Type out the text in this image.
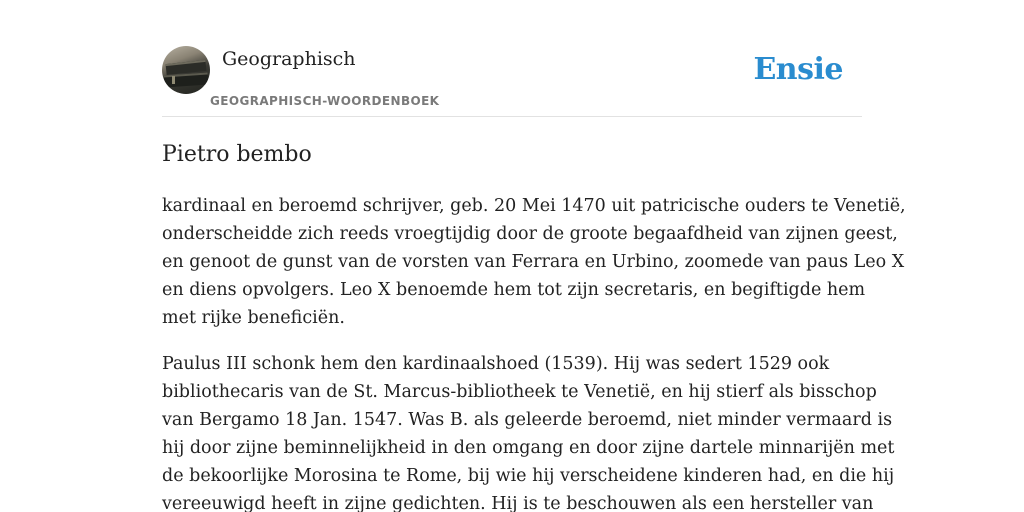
Geographisch
GEOGRAPHISCH-WOORDENBOEK
Ensie
Pietro bembo

kardinaal en beroemd schrijver, geb. 20 Mei 1470 uit patricische ouders te Venetië,
onderscheidde zich reeds vroegtijdig door de groote begaafdheid van zijnen geest,
en genoot de gunst van de vorsten van Ferrara en Urbino, zoomede van paus Leo X
en diens opvolgers. Leo X benoemde hem tot zijn secretaris, en begiftigde hem
met rijke beneficiën.

Paulus III schonk hem den kardinaalshoed (1539). Hij was sedert 1529 ook
bibliothecaris van de St. Marcus-bibliotheek te Venetië, en hij stierf als bisschop
van Bergamo 18 Jan. 1547. Was B. als geleerde beroemd, niet minder vermaard is
hij door zijne beminnelijkheid in den omgang en door zijne dartele minnarijën met
de bekoorlijke Morosina te Rome, bij wie hij verscheidene kinderen had, en die hij
vereeuwigd heeft in zijne gedichten. Hij is te beschouwen als een hersteller van
